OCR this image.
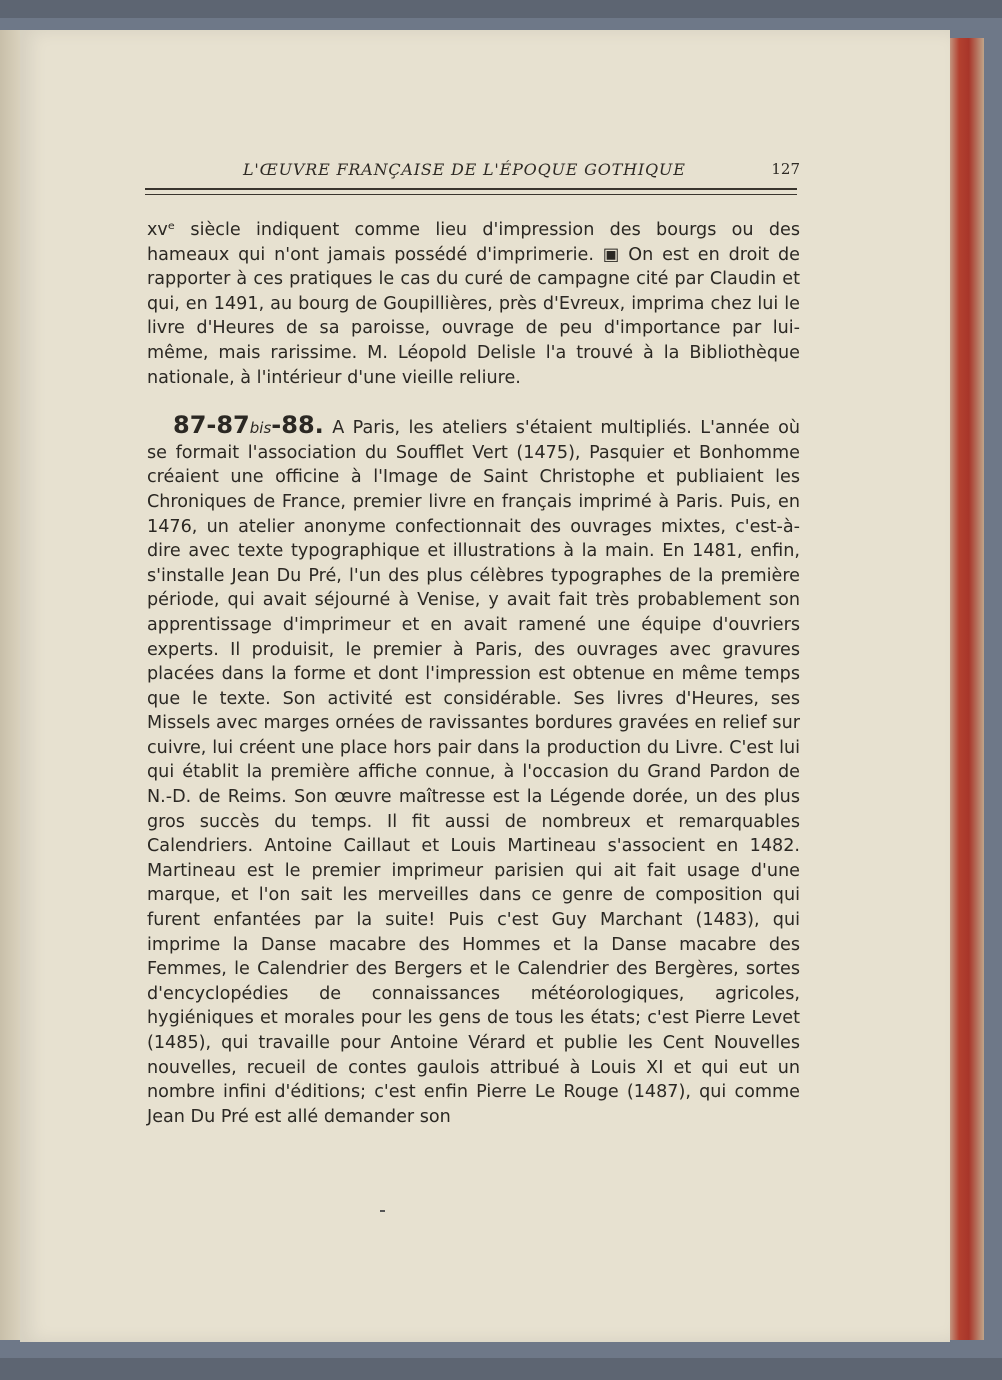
L'ŒUVRE FRANÇAISE DE L'ÉPOQUE GOTHIQUE	127

xvᵉ siècle indiquent comme lieu d'impression des bourgs ou des hameaux qui n'ont jamais possédé d'imprimerie. ▣ On est en droit de rapporter à ces pratiques le cas du curé de campagne cité par Claudin et qui, en 1491, au bourg de Goupillières, près d'Evreux, imprima chez lui le livre d'Heures de sa paroisse, ouvrage de peu d'importance par lui-même, mais rarissime. M. Léopold Delisle l'a trouvé à la Bibliothèque nationale, à l'intérieur d'une vieille reliure.

87-87bis-88. A Paris, les ateliers s'étaient multipliés. L'année où se formait l'association du Soufflet Vert (1475), Pasquier et Bonhomme créaient une officine à l'Image de Saint Christophe et publiaient les Chroniques de France, premier livre en français imprimé à Paris. Puis, en 1476, un atelier anonyme confectionnait des ouvrages mixtes, c'est-à-dire avec texte typographique et illustrations à la main. En 1481, enfin, s'installe Jean Du Pré, l'un des plus célèbres typographes de la première période, qui avait séjourné à Venise, y avait fait très probablement son apprentissage d'imprimeur et en avait ramené une équipe d'ouvriers experts. Il produisit, le premier à Paris, des ouvrages avec gravures placées dans la forme et dont l'impression est obtenue en même temps que le texte. Son activité est considérable. Ses livres d'Heures, ses Missels avec marges ornées de ravissantes bordures gravées en relief sur cuivre, lui créent une place hors pair dans la production du Livre. C'est lui qui établit la première affiche connue, à l'occasion du Grand Pardon de N.-D. de Reims. Son œuvre maîtresse est la Légende dorée, un des plus gros succès du temps. Il fit aussi de nombreux et remarquables Calendriers. Antoine Caillaut et Louis Martineau s'associent en 1482. Martineau est le premier imprimeur parisien qui ait fait usage d'une marque, et l'on sait les merveilles dans ce genre de composition qui furent enfantées par la suite! Puis c'est Guy Marchant (1483), qui imprime la Danse macabre des Hommes et la Danse macabre des Femmes, le Calendrier des Bergers et le Calendrier des Bergères, sortes d'encyclopédies de connaissances météorologiques, agricoles, hygiéniques et morales pour les gens de tous les états; c'est Pierre Levet (1485), qui travaille pour Antoine Vérard et publie les Cent Nouvelles nouvelles, recueil de contes gaulois attribué à Louis XI et qui eut un nombre infini d'éditions; c'est enfin Pierre Le Rouge (1487), qui comme Jean Du Pré est allé demander son
